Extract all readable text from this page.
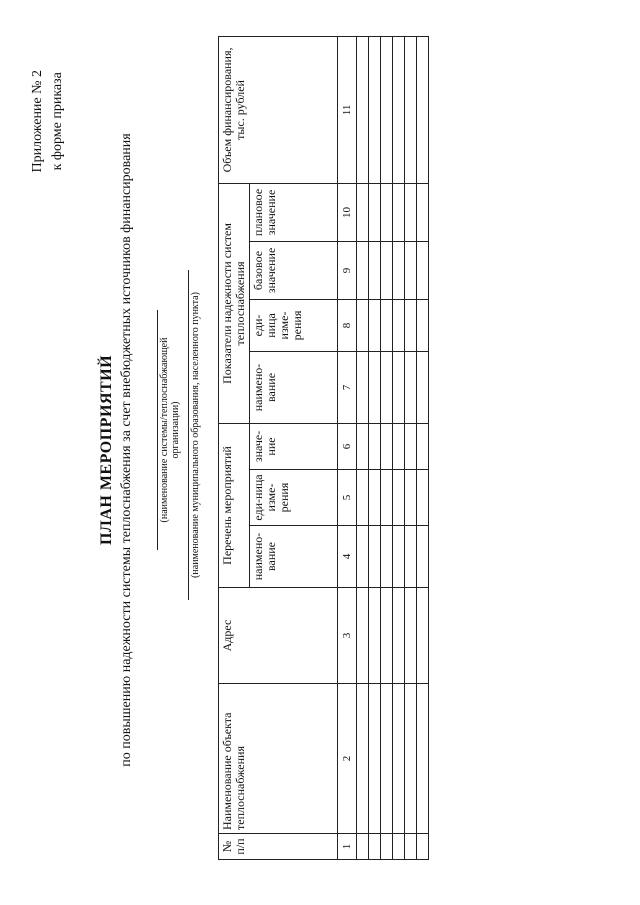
Приложение № 2 к форме приказа
ПЛАН МЕРОПРИЯТИЙ по повышению надежности системы теплоснабжения за счет внебюджетных источников финансирования	(наименование системы/теплоснабжающей организации) (наименование муниципального образования, населенного пункта)
№ п/п	Наименование объекта теплоснабжения	Адрес	Перечень мероприятий			Показатели надежности систем теплоснабжения				Объем финансирования, тыс. рублей
			наимено-вание	еди-ница изме-рения	значе-ние	наимено-вание	еди-ница изме-рения	базовое значение	плановое значение	
1	2	3	4	5	6	7	8	9	10	11
